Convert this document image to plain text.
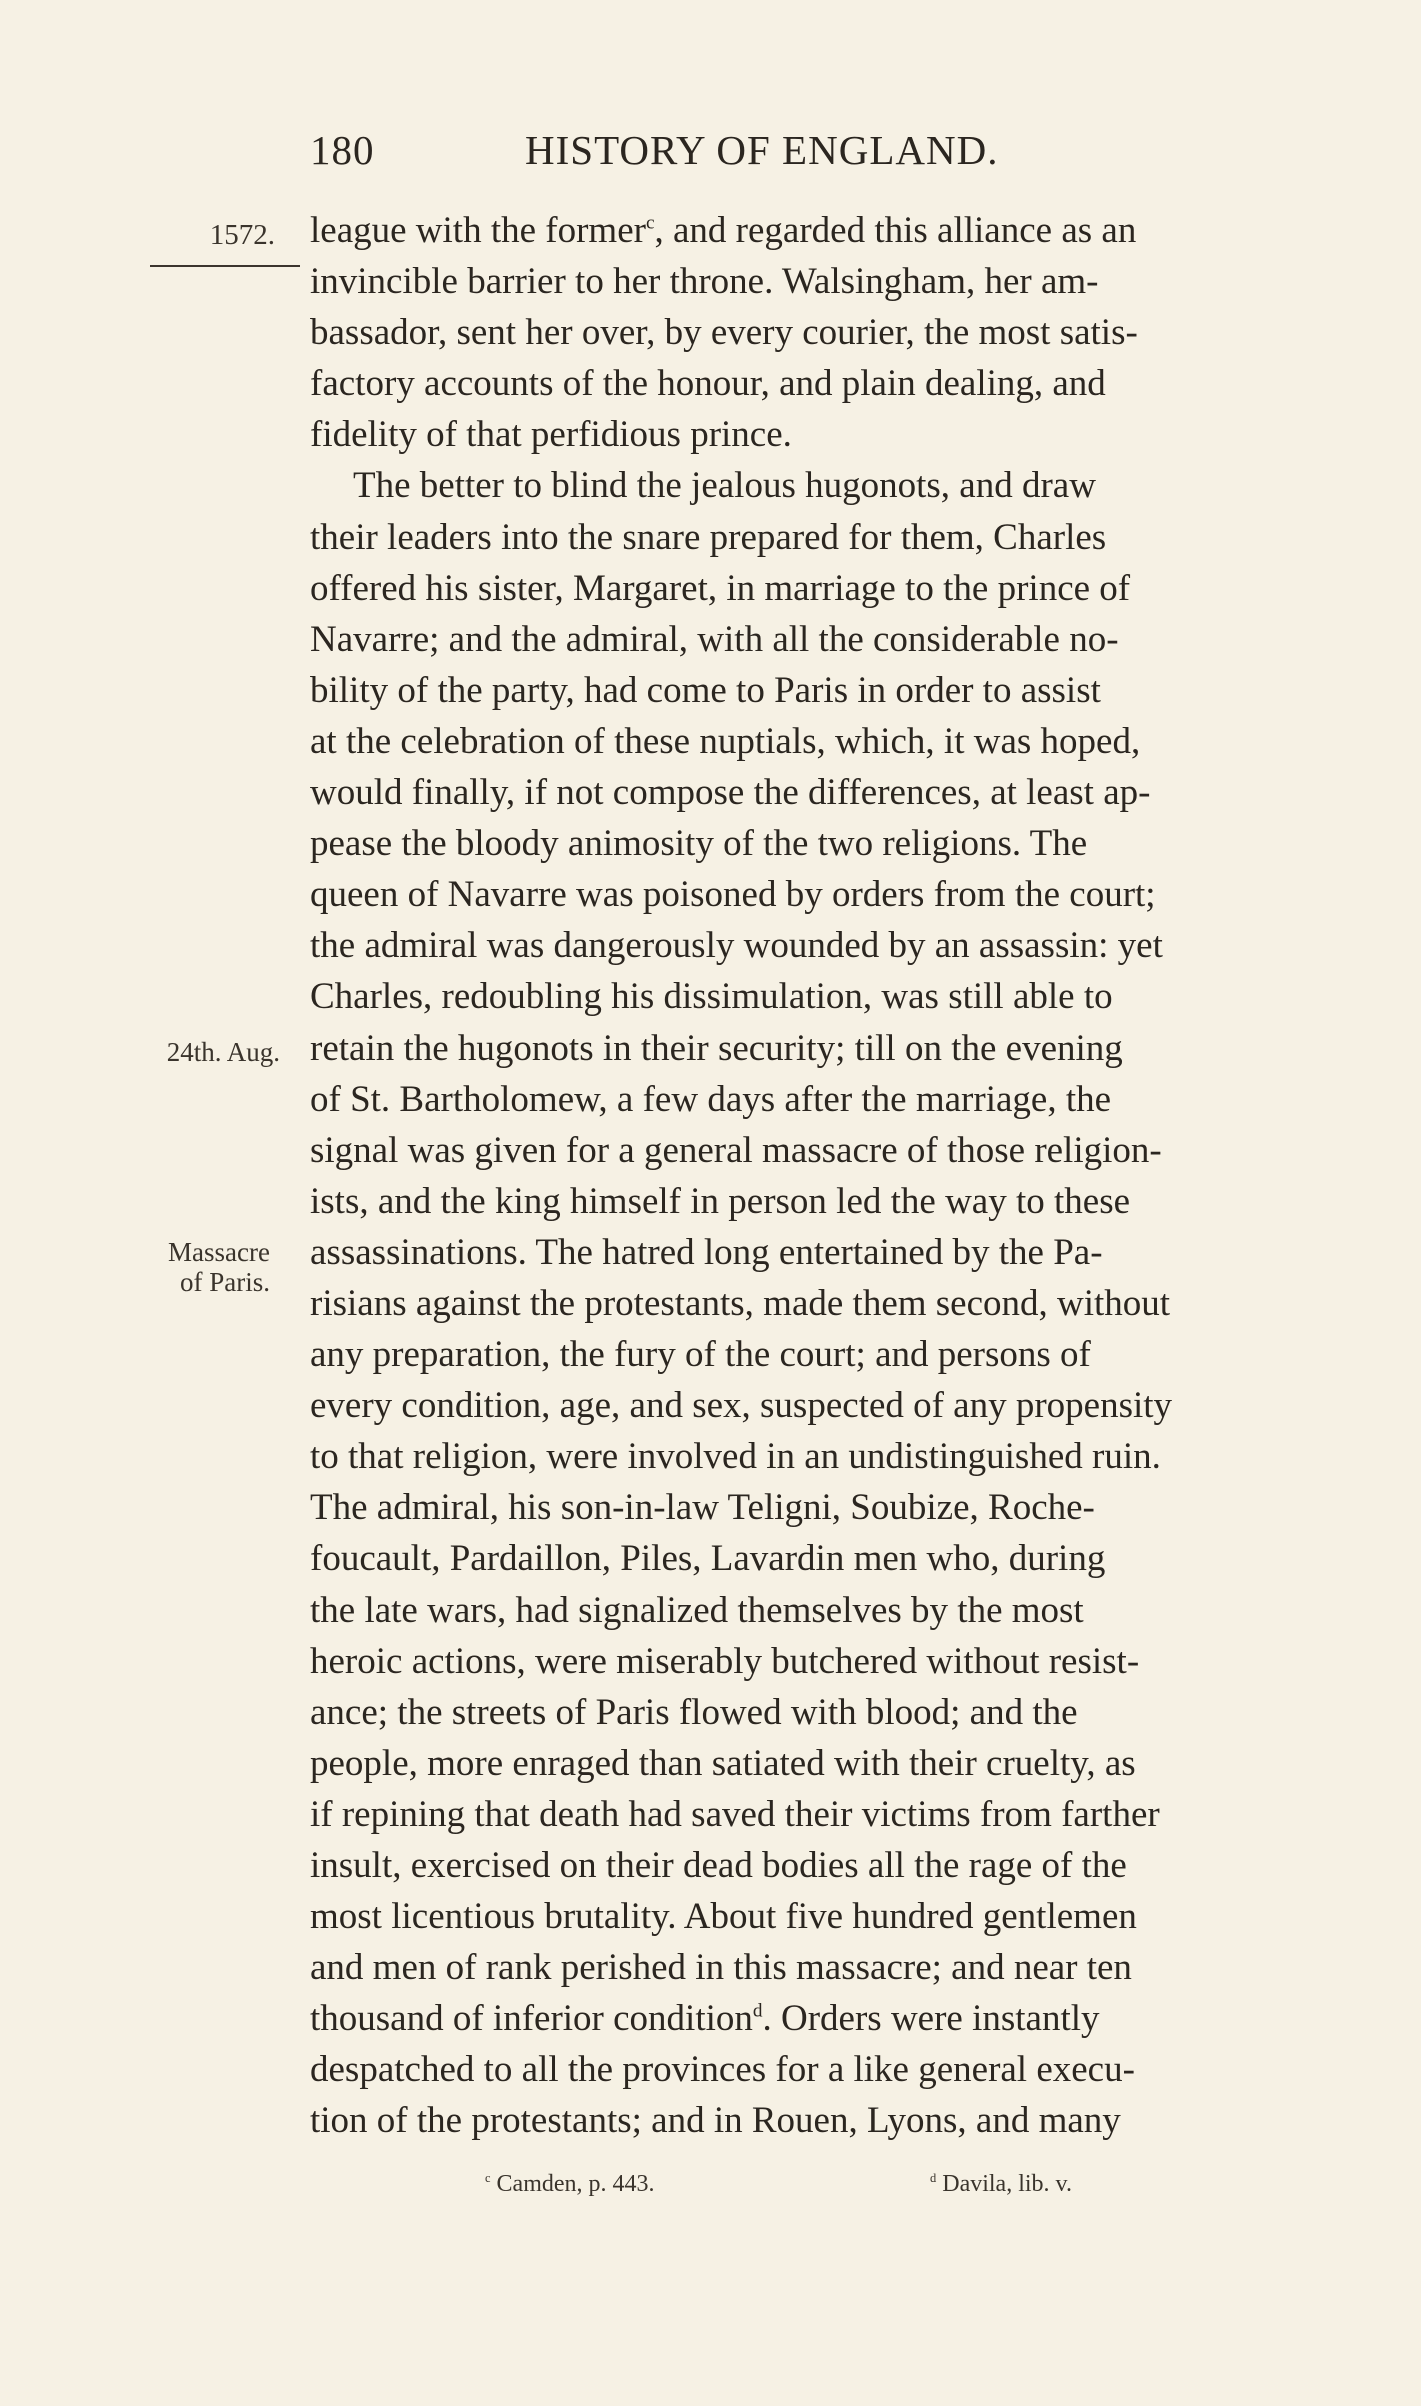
180	HISTORY OF ENGLAND.
1572.
24th. Aug.
Massacre
of Paris.
league with the former$^c$, and regarded this alliance as an
invincible barrier to her throne. Walsingham, her am-
bassador, sent her over, by every courier, the most satis-
factory accounts of the honour, and plain dealing, and
fidelity of that perfidious prince.
The better to blind the jealous hugonots, and draw
their leaders into the snare prepared for them, Charles
offered his sister, Margaret, in marriage to the prince of
Navarre; and the admiral, with all the considerable no-
bility of the party, had come to Paris in order to assist
at the celebration of these nuptials, which, it was hoped,
would finally, if not compose the differences, at least ap-
pease the bloody animosity of the two religions. The
queen of Navarre was poisoned by orders from the court;
the admiral was dangerously wounded by an assassin: yet
Charles, redoubling his dissimulation, was still able to
retain the hugonots in their security; till on the evening
of St. Bartholomew, a few days after the marriage, the
signal was given for a general massacre of those religion-
ists, and the king himself in person led the way to these
assassinations. The hatred long entertained by the Pa-
risians against the protestants, made them second, without
any preparation, the fury of the court; and persons of
every condition, age, and sex, suspected of any propensity
to that religion, were involved in an undistinguished ruin.
The admiral, his son-in-law Teligni, Soubize, Roche-
foucault, Pardaillon, Piles, Lavardin men who, during
the late wars, had signalized themselves by the most
heroic actions, were miserably butchered without resist-
ance; the streets of Paris flowed with blood; and the
people, more enraged than satiated with their cruelty, as
if repining that death had saved their victims from farther
insult, exercised on their dead bodies all the rage of the
most licentious brutality. About five hundred gentlemen
and men of rank perished in this massacre; and near ten
thousand of inferior condition$^d$. Orders were instantly
despatched to all the provinces for a like general execu-
tion of the protestants; and in Rouen, Lyons, and many
$^c$ Camden, p. 443.	$^d$ Davila, lib. v.
